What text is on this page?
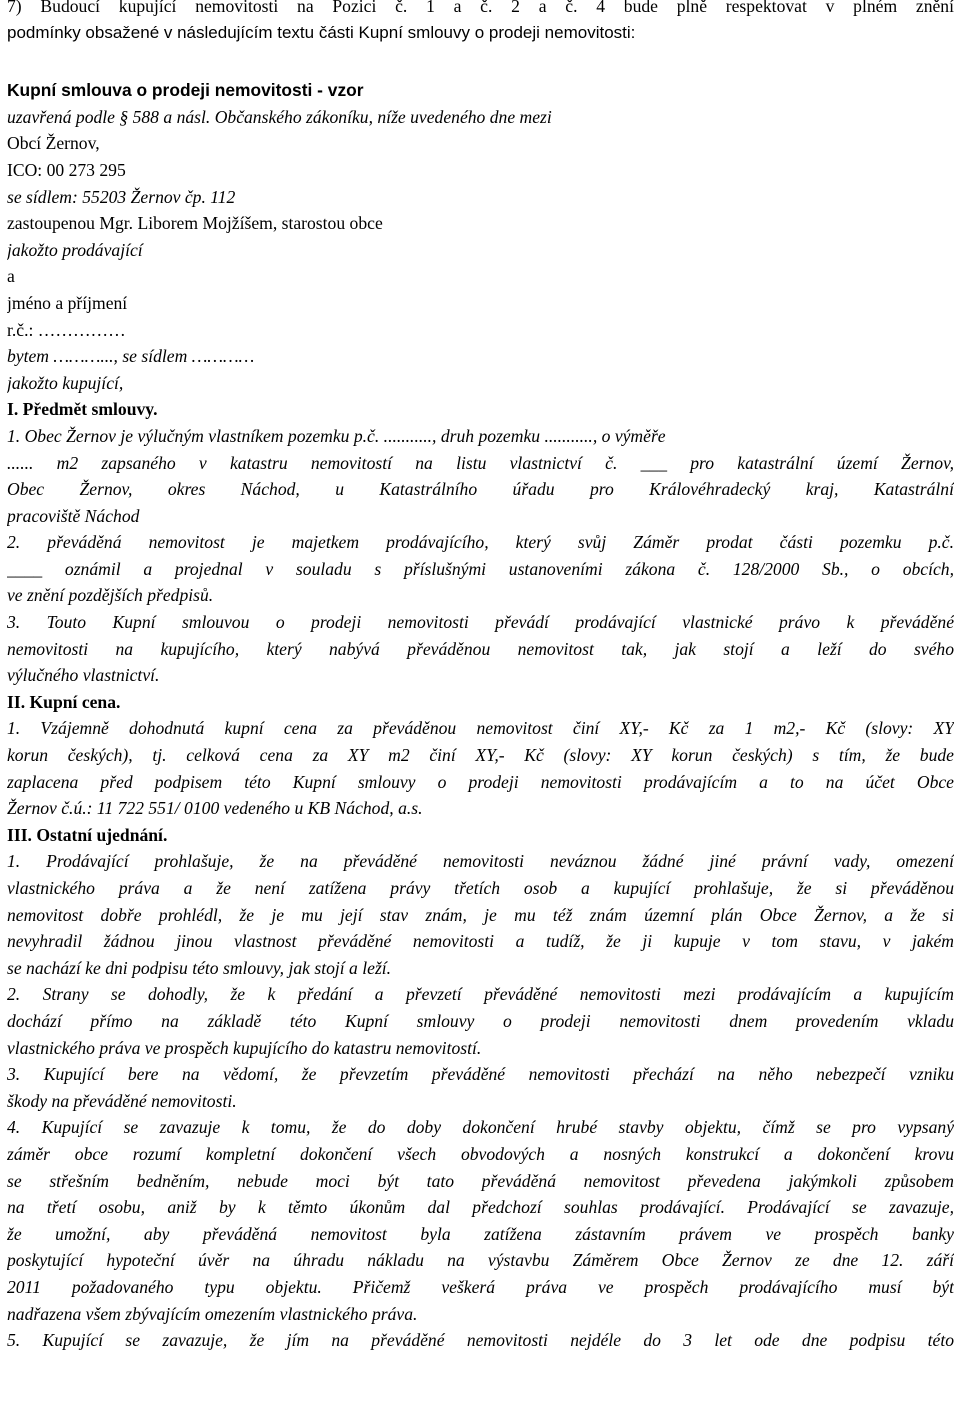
7) Budoucí kupující nemovitosti na Pozici č. 1 a č. 2 a č. 4 bude plně respektovat v plném znění
podmínky obsažené v následujícím textu části Kupní smlouvy o prodeji nemovitosti:
Kupní smlouva o prodeji nemovitosti - vzor
uzavřená podle § 588 a násl. Občanského zákoníku, níže uvedeného dne mezi
Obcí Žernov,
ICO: 00 273 295
se sídlem: 55203 Žernov čp. 112
zastoupenou Mgr. Liborem Mojžíšem, starostou obce
jakožto prodávající
a
jméno a příjmení
r.č.: ……………
bytem ………..., se sídlem …………
jakožto kupující,
I. Předmět smlouvy.
1. Obec Žernov je výlučným vlastníkem pozemku p.č. ..........., druh pozemku ..........., o výměře
...... m2 zapsaného v katastru nemovitostí na listu vlastnictví č. ___ pro katastrální území Žernov,
Obec Žernov, okres Náchod, u Katastrálního úřadu pro Královéhradecký kraj, Katastrální
pracoviště Náchod
2. převáděná nemovitost je majetkem prodávajícího, který svůj Záměr prodat části pozemku p.č.
____ oznámil a projednal v souladu s příslušnými ustanoveními zákona č. 128/2000 Sb., o obcích,
ve znění pozdějších předpisů.
3. Touto Kupní smlouvou o prodeji nemovitosti převádí prodávající vlastnické právo k převáděné
nemovitosti na kupujícího, který nabývá převáděnou nemovitost tak, jak stojí a leží do svého
výlučného vlastnictví.
II. Kupní cena.
1. Vzájemně dohodnutá kupní cena za převáděnou nemovitost činí XY,- Kč za 1 m2,- Kč (slovy: XY
korun českých), tj. celková cena za XY m2 činí XY,- Kč (slovy: XY korun českých) s tím, že bude
zaplacena před podpisem této Kupní smlouvy o prodeji nemovitosti prodávajícím a to na účet Obce
Žernov č.ú.: 11 722 551/ 0100 vedeného u KB Náchod, a.s.
III. Ostatní ujednání.
1. Prodávající prohlašuje, že na převáděné nemovitosti neváznou žádné jiné právní vady, omezení
vlastnického práva a že není zatížena právy třetích osob a kupující prohlašuje, že si převáděnou
nemovitost dobře prohlédl, že je mu její stav znám, je mu též znám územní plán Obce Žernov, a že si
nevyhradil žádnou jinou vlastnost převáděné nemovitosti a tudíž, že ji kupuje v tom stavu, v jakém
se nachází ke dni podpisu této smlouvy, jak stojí a leží.
2. Strany se dohodly, že k předání a převzetí převáděné nemovitosti mezi prodávajícím a kupujícím
dochází přímo na základě této Kupní smlouvy o prodeji nemovitosti dnem provedením vkladu
vlastnického práva ve prospěch kupujícího do katastru nemovitostí.
3. Kupující bere na vědomí, že převzetím převáděné nemovitosti přechází na něho nebezpečí vzniku
škody na převáděné nemovitosti.
4. Kupující se zavazuje k tomu, že do doby dokončení hrubé stavby objektu, čímž se pro vypsaný
záměr obce rozumí kompletní dokončení všech obvodových a nosných konstrukcí a dokončení krovu
se střešním bedněním, nebude moci být tato převáděná nemovitost převedena jakýmkoli způsobem
na třetí osobu, aniž by k těmto úkonům dal předchozí souhlas prodávající. Prodávající se zavazuje,
že umožní, aby převáděná nemovitost byla zatížena zástavním právem ve prospěch banky
poskytující hypoteční úvěr na úhradu nákladu na výstavbu Záměrem Obce Žernov ze dne 12. září
2011 požadovaného typu objektu. Přičemž veškerá práva ve prospěch prodávajícího musí být
nadřazena všem zbývajícím omezením vlastnického práva.
5. Kupující se zavazuje, že jím na převáděné nemovitosti nejdéle do 3 let ode dne podpisu této
